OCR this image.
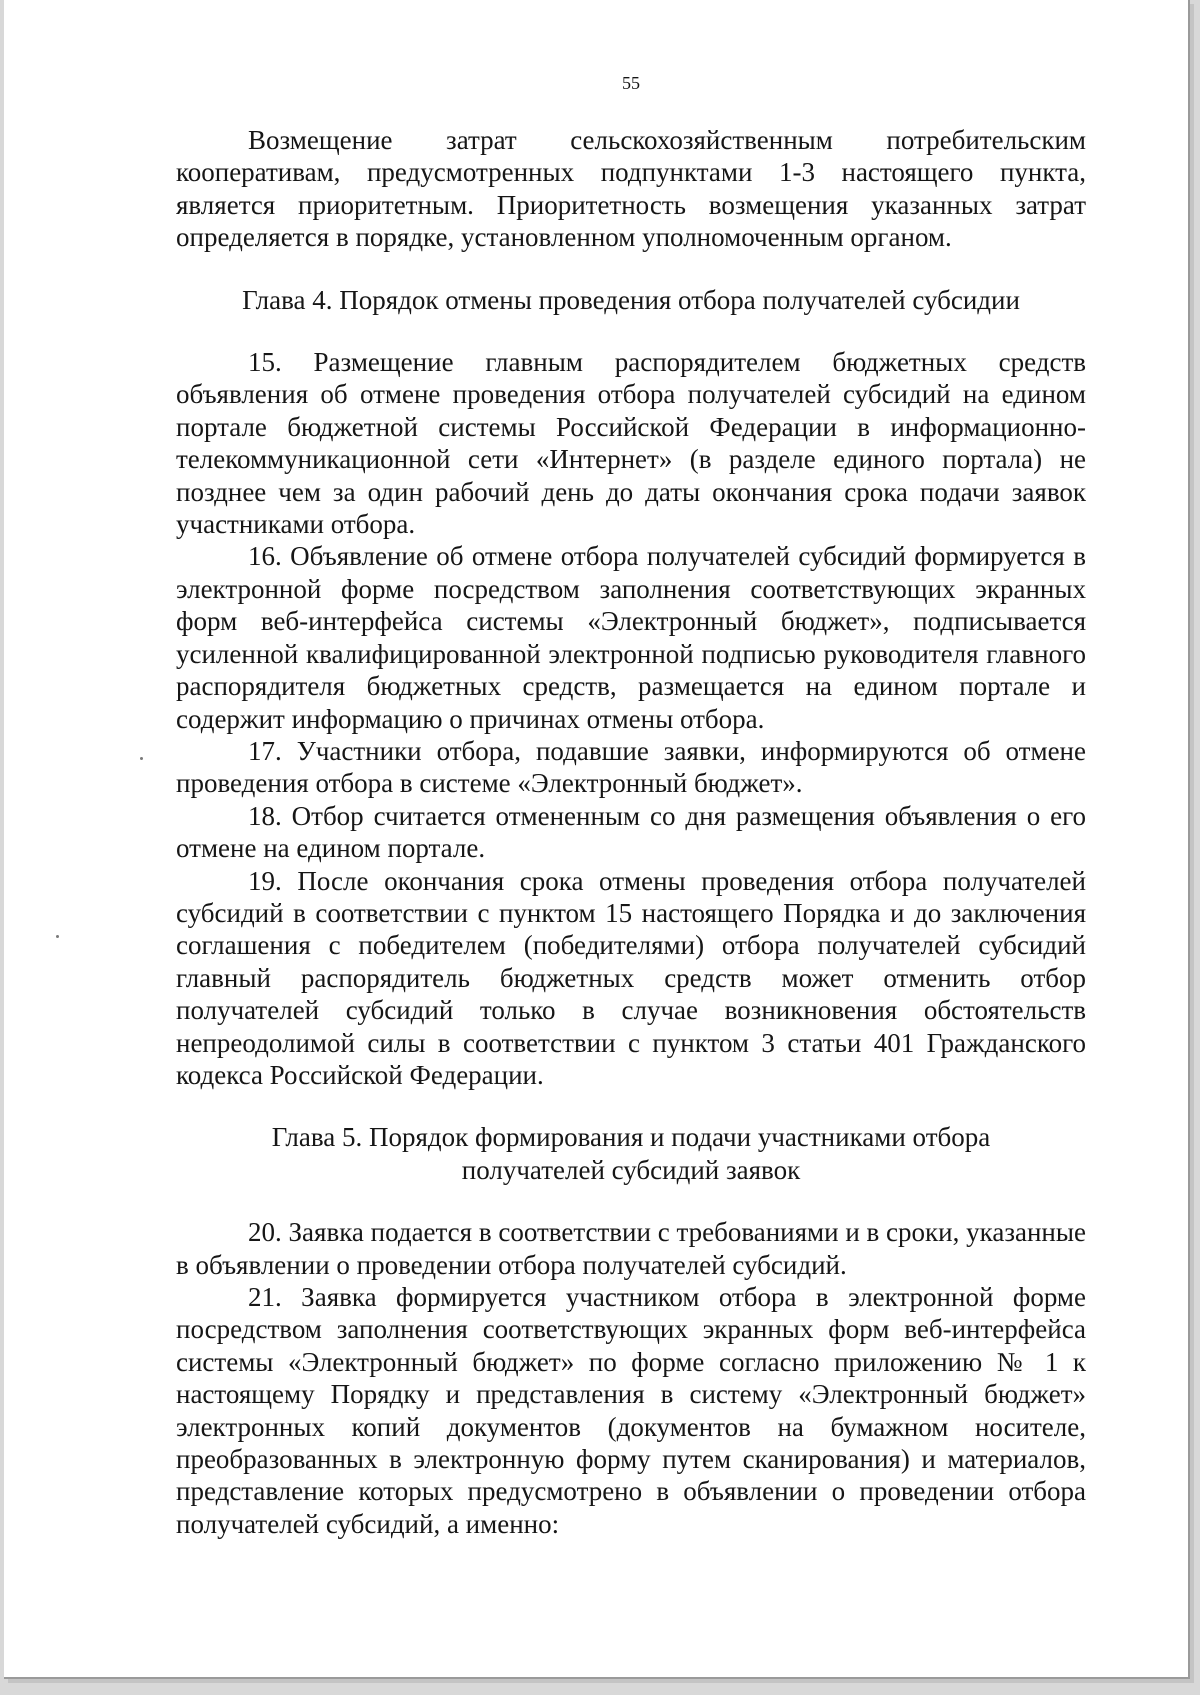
55

Возмещение затрат сельскохозяйственным потребительским кооперативам, предусмотренных подпунктами 1-3 настоящего пункта, является приоритетным. Приоритетность возмещения указанных затрат определяется в порядке, установленном уполномоченным органом.

Глава 4. Порядок отмены проведения отбора получателей субсидии

15. Размещение главным распорядителем бюджетных средств объявления об отмене проведения отбора получателей субсидий на едином портале бюджетной системы Российской Федерации в информационно-телекоммуникационной сети «Интернет» (в разделе единого портала) не позднее чем за один рабочий день до даты окончания срока подачи заявок участниками отбора.

16. Объявление об отмене отбора получателей субсидий формируется в электронной форме посредством заполнения соответствующих экранных форм веб-интерфейса системы «Электронный бюджет», подписывается усиленной квалифицированной электронной подписью руководителя главного распорядителя бюджетных средств, размещается на едином портале и содержит информацию о причинах отмены отбора.

17. Участники отбора, подавшие заявки, информируются об отмене проведения отбора в системе «Электронный бюджет».

18. Отбор считается отмененным со дня размещения объявления о его отмене на едином портале.

19. После окончания срока отмены проведения отбора получателей субсидий в соответствии с пунктом 15 настоящего Порядка и до заключения соглашения с победителем (победителями) отбора получателей субсидий главный распорядитель бюджетных средств может отменить отбор получателей субсидий только в случае возникновения обстоятельств непреодолимой силы в соответствии с пунктом 3 статьи 401 Гражданского кодекса Российской Федерации.

Глава 5. Порядок формирования и подачи участниками отбора
получателей субсидий заявок

20. Заявка подается в соответствии с требованиями и в сроки, указанные в объявлении о проведении отбора получателей субсидий.

21. Заявка формируется участником отбора в электронной форме посредством заполнения соответствующих экранных форм веб-интерфейса системы «Электронный бюджет» по форме согласно приложению № 1 к настоящему Порядку и представления в систему «Электронный бюджет» электронных копий документов (документов на бумажном носителе, преобразованных в электронную форму путем сканирования) и материалов, представление которых предусмотрено в объявлении о проведении отбора получателей субсидий, а именно:
